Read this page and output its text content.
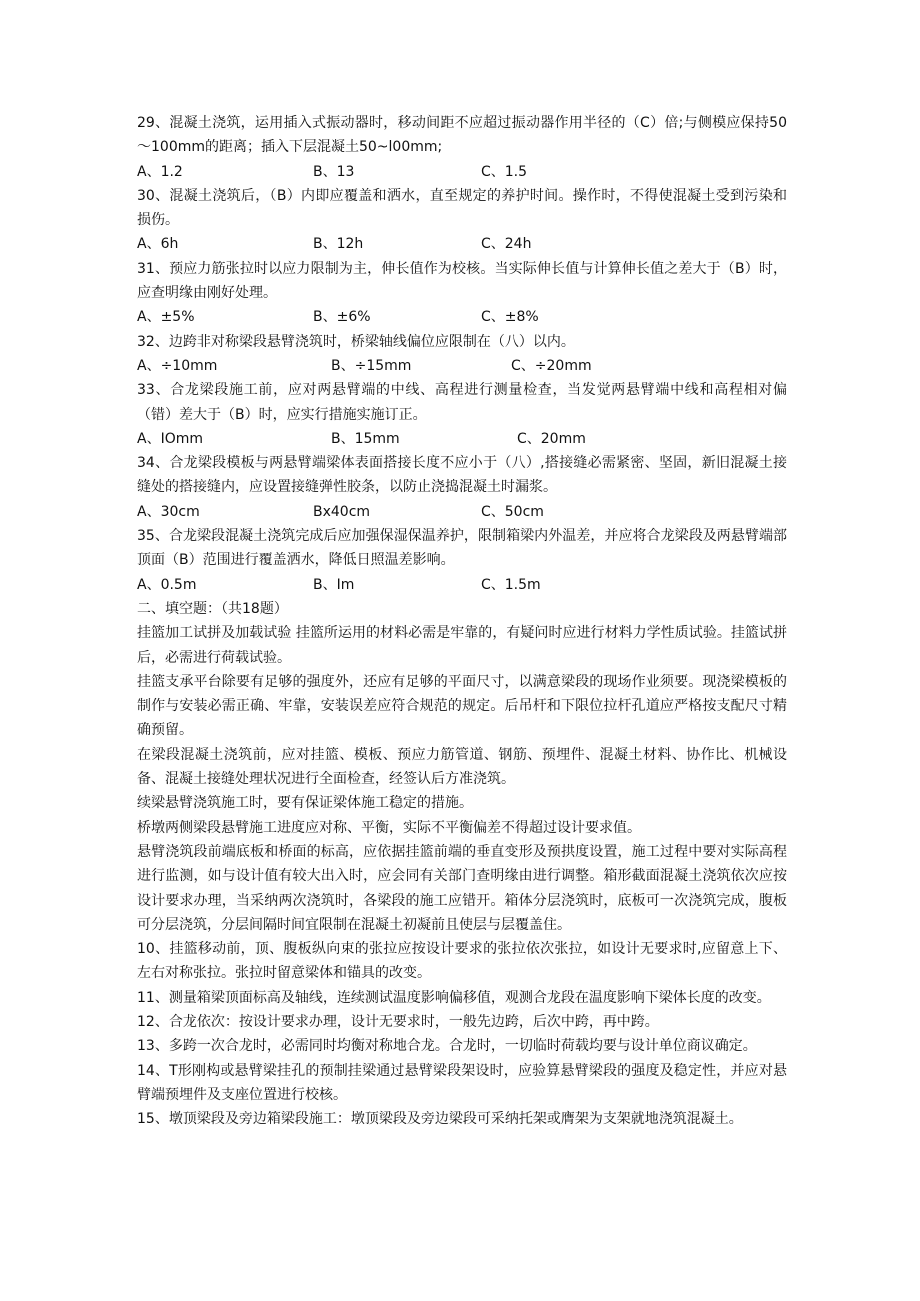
29、混凝土浇筑，运用插入式振动器时，移动间距不应超过振动器作用半径的（C）倍;与侧模应保持50～100mm的距离；插入下层混凝土50~l00mm;

A、1.2	B、13	C、1.5

30、混凝土浇筑后，（B）内即应覆盖和洒水，直至规定的养护时间。操作时，不得使混凝土受到污染和损伤。

A、6h	B、12h	C、24h

31、预应力筋张拉时以应力限制为主，伸长值作为校核。当实际伸长值与计算伸长值之差大于（B）时，应查明缘由刚好处理。

A、±5%	B、±6%	C、±8%

32、边跨非对称梁段悬臂浇筑时，桥梁轴线偏位应限制在（八）以内。

A、÷10mm	B、÷15mm	C、÷20mm

33、合龙梁段施工前，应对两悬臂端的中线、高程进行测量检查，当发觉两悬臂端中线和高程相对偏（错）差大于（B）时，应实行措施实施订正。

A、IOmm	B、15mm	C、20mm

34、合龙梁段模板与两悬臂端梁体表面搭接长度不应小于（八）,搭接缝必需紧密、坚固，新旧混凝土接缝处的搭接缝内，应设置接缝弹性胶条，以防止浇捣混凝土时漏浆。

A、30cm	Bx40cm	C、50cm

35、合龙梁段混凝土浇筑完成后应加强保湿保温养护，限制箱梁内外温差，并应将合龙梁段及两悬臂端部顶面（B）范围进行覆盖洒水，降低日照温差影响。

A、0.5m	B、Im	C、1.5m

二、填空题：（共18题）

挂篮加工试拼及加载试验 挂篮所运用的材料必需是牢靠的，有疑问时应进行材料力学性质试验。挂篮试拼后，必需进行荷载试验。

挂篮支承平台除要有足够的强度外，还应有足够的平面尺寸，以满意梁段的现场作业须要。现浇梁模板的制作与安装必需正确、牢靠，安装误差应符合规范的规定。后吊杆和下限位拉杆孔道应严格按支配尺寸精确预留。

在梁段混凝土浇筑前，应对挂篮、模板、预应力筋管道、钢筋、预埋件、混凝土材料、协作比、机械设备、混凝土接缝处理状况进行全面检查，经签认后方准浇筑。

续梁悬臂浇筑施工时，要有保证梁体施工稳定的措施。

桥墩两侧梁段悬臂施工进度应对称、平衡，实际不平衡偏差不得超过设计要求值。

悬臂浇筑段前端底板和桥面的标高，应依据挂篮前端的垂直变形及预拱度设置，施工过程中要对实际高程进行监测，如与设计值有较大出入时，应会同有关部门查明缘由进行调整。箱形截面混凝土浇筑依次应按设计要求办理，当采纳两次浇筑时，各梁段的施工应错开。箱体分层浇筑时，底板可一次浇筑完成，腹板可分层浇筑，分层间隔时间宜限制在混凝土初凝前且使层与层覆盖住。

10、挂篮移动前，顶、腹板纵向束的张拉应按设计要求的张拉依次张拉，如设计无要求时,应留意上下、左右对称张拉。张拉时留意梁体和锚具的改变。

11、测量箱梁顶面标高及轴线，连续测试温度影响偏移值，观测合龙段在温度影响下梁体长度的改变。

12、合龙依次：按设计要求办理，设计无要求时，一般先边跨，后次中跨，再中跨。

13、多跨一次合龙时，必需同时均衡对称地合龙。合龙时，一切临时荷载均要与设计单位商议确定。

14、T形刚构或悬臂梁挂孔的预制挂梁通过悬臂梁段架设时，应验算悬臂梁段的强度及稳定性，并应对悬臂端预埋件及支座位置进行校核。

15、墩顶梁段及旁边箱梁段施工：墩顶梁段及旁边梁段可采纳托架或膺架为支架就地浇筑混凝土。
